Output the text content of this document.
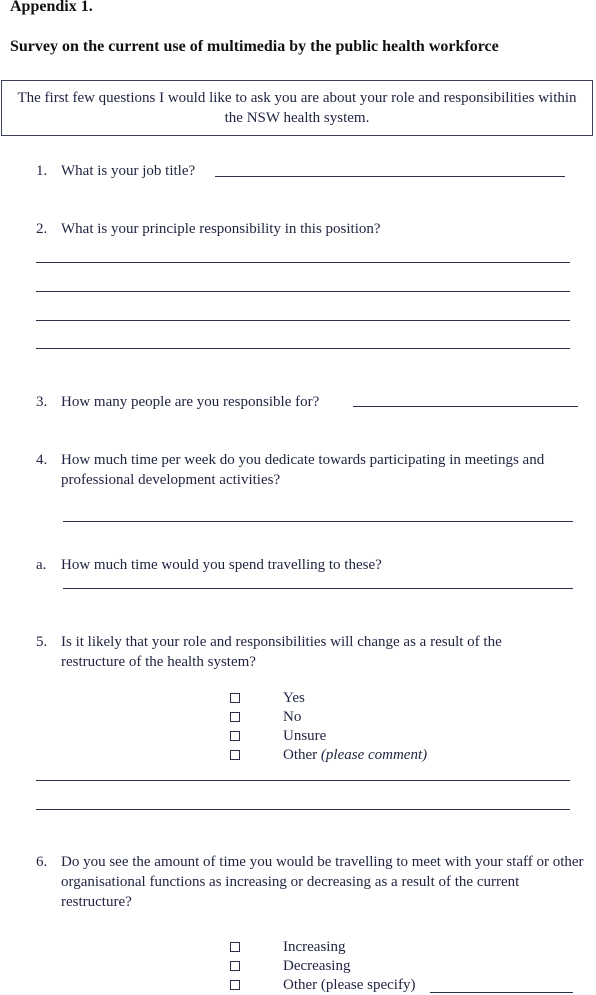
Appendix 1.
Survey on the current use of multimedia by the public health workforce
The first few questions I would like to ask you are about your role and responsibilities within the NSW health system.
1. What is your job title?
2. What is your principle responsibility in this position?
3. How many people are you responsible for?
4. How much time per week do you dedicate towards participating in meetings and professional development activities?
a. How much time would you spend travelling to these?
5. Is it likely that your role and responsibilities will change as a result of the restructure of the health system?
Yes
No
Unsure
Other (please comment)
6. Do you see the amount of time you would be travelling to meet with your staff or other organisational functions as increasing or decreasing as a result of the current restructure?
Increasing
Decreasing
Other (please specify)
